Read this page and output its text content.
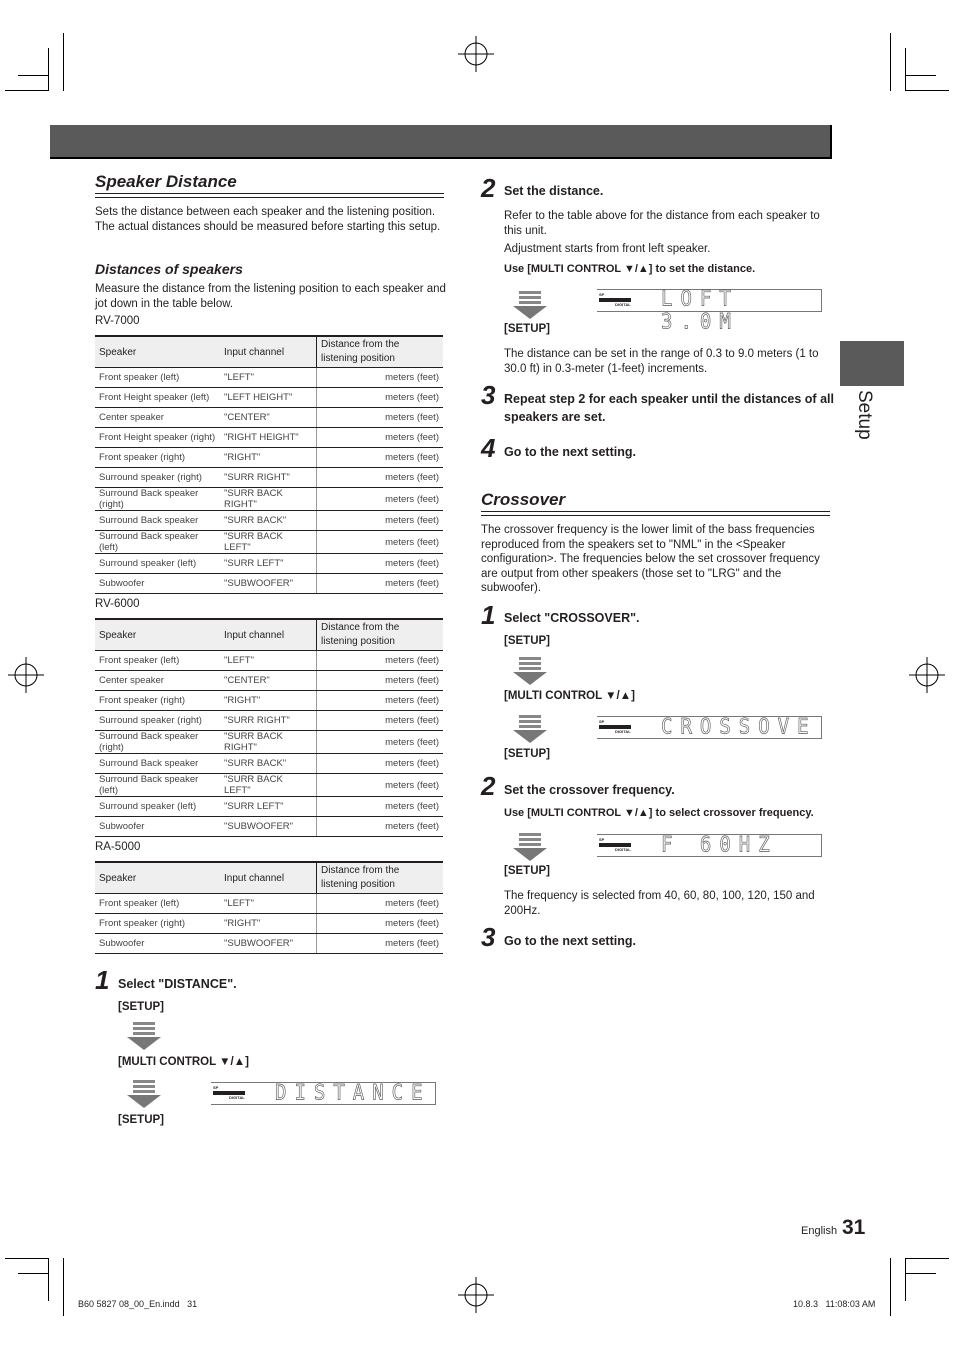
Setup
Speaker Distance

Sets the distance between each speaker and the listening position. The actual distances should be measured before starting this setup.

Distances of speakers

Measure the distance from the listening position to each speaker and jot down in the table below.

RV-7000
Speaker	Input channel	Distance from the
listening position
Front speaker (left)	"LEFT"	meters (feet)
Front Height speaker (left)	"LEFT HEIGHT"	meters (feet)
Center speaker	"CENTER"	meters (feet)
Front Height speaker (right)	"RIGHT HEIGHT"	meters (feet)
Front speaker (right)	"RIGHT"	meters (feet)
Surround speaker (right)	"SURR RIGHT"	meters (feet)
Surround Back speaker (right)	"SURR BACK RIGHT"	meters (feet)
Surround Back speaker	"SURR BACK"	meters (feet)
Surround Back speaker (left)	"SURR BACK LEFT"	meters (feet)
Surround speaker (left)	"SURR LEFT"	meters (feet)
Subwoofer	"SUBWOOFER"	meters (feet)
RV-6000
Speaker	Input channel	Distance from the
listening position
Front speaker (left)	"LEFT"	meters (feet)
Center speaker	"CENTER"	meters (feet)
Front speaker (right)	"RIGHT"	meters (feet)
Surround speaker (right)	"SURR RIGHT"	meters (feet)
Surround Back speaker (right)	"SURR BACK RIGHT"	meters (feet)
Surround Back speaker	"SURR BACK"	meters (feet)
Surround Back speaker (left)	"SURR BACK LEFT"	meters (feet)
Surround speaker (left)	"SURR LEFT"	meters (feet)
Subwoofer	"SUBWOOFER"	meters (feet)
RA-5000
Speaker	Input channel	Distance from the
listening position
Front speaker (left)	"LEFT"	meters (feet)
Front speaker (right)	"RIGHT"	meters (feet)
Subwoofer	"SUBWOOFER"	meters (feet)
1 Select "DISTANCE".
[SETUP]
[MULTI CONTROL ▼/▲]
SP
DIGITAL DISTANCE
[SETUP]
2 Set the distance.

Refer to the table above for the distance from each speaker to this unit.

Adjustment starts from front left speaker.

Use [MULTI CONTROL ▼/▲] to set the distance.
SP
DIGITAL LOFT 3.0M
[SETUP]

The distance can be set in the range of 0.3 to 9.0 meters (1 to 30.0 ft) in 0.3-meter (1-feet) increments.

3 Repeat step 2 for each speaker until the distances of all speakers are set.
4 Go to the next setting.
Crossover

The crossover frequency is the lower limit of the bass frequencies reproduced from the speakers set to "NML" in the <Speaker configuration>. The frequencies below the set crossover frequency are output from other speakers (those set to "LRG" and the subwoofer).

1 Select "CROSSOVER".
[SETUP]
[MULTI CONTROL ▼/▲]
SP
DIGITAL CROSSOVE
[SETUP]
2 Set the crossover frequency.
Use [MULTI CONTROL ▼/▲] to select crossover frequency.
SP
DIGITAL F 60HZ
[SETUP]

The frequency is selected from 40, 60, 80, 100, 120, 150 and 200Hz.

3 Go to the next setting.
English 31
B60 5827 08_00_En.indd   31	10.8.3   11:08:03 AM
